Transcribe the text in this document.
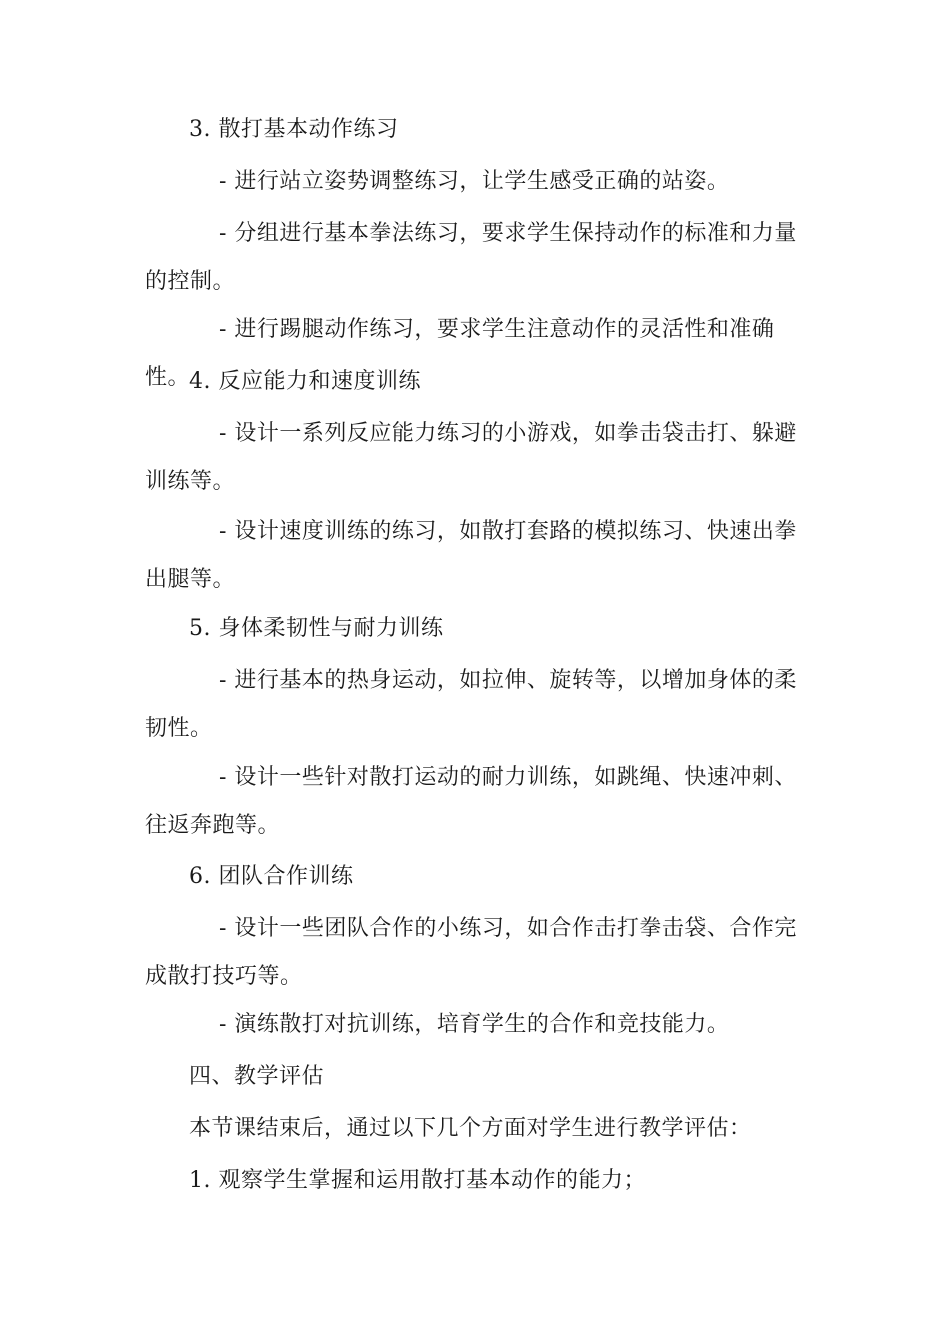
3. 散打基本动作练习

- 进行站立姿势调整练习，让学生感受正确的站姿。

- 分组进行基本拳法练习，要求学生保持动作的标准和力量的控制。

- 进行踢腿动作练习，要求学生注意动作的灵活性和准确性。

4. 反应能力和速度训练

- 设计一系列反应能力练习的小游戏，如拳击袋击打、躲避训练等。

- 设计速度训练的练习，如散打套路的模拟练习、快速出拳出腿等。

5. 身体柔韧性与耐力训练

- 进行基本的热身运动，如拉伸、旋转等，以增加身体的柔韧性。

- 设计一些针对散打运动的耐力训练，如跳绳、快速冲刺、往返奔跑等。

6. 团队合作训练

- 设计一些团队合作的小练习，如合作击打拳击袋、合作完成散打技巧等。

- 演练散打对抗训练，培育学生的合作和竞技能力。

四、教学评估

本节课结束后，通过以下几个方面对学生进行教学评估：

1. 观察学生掌握和运用散打基本动作的能力；
